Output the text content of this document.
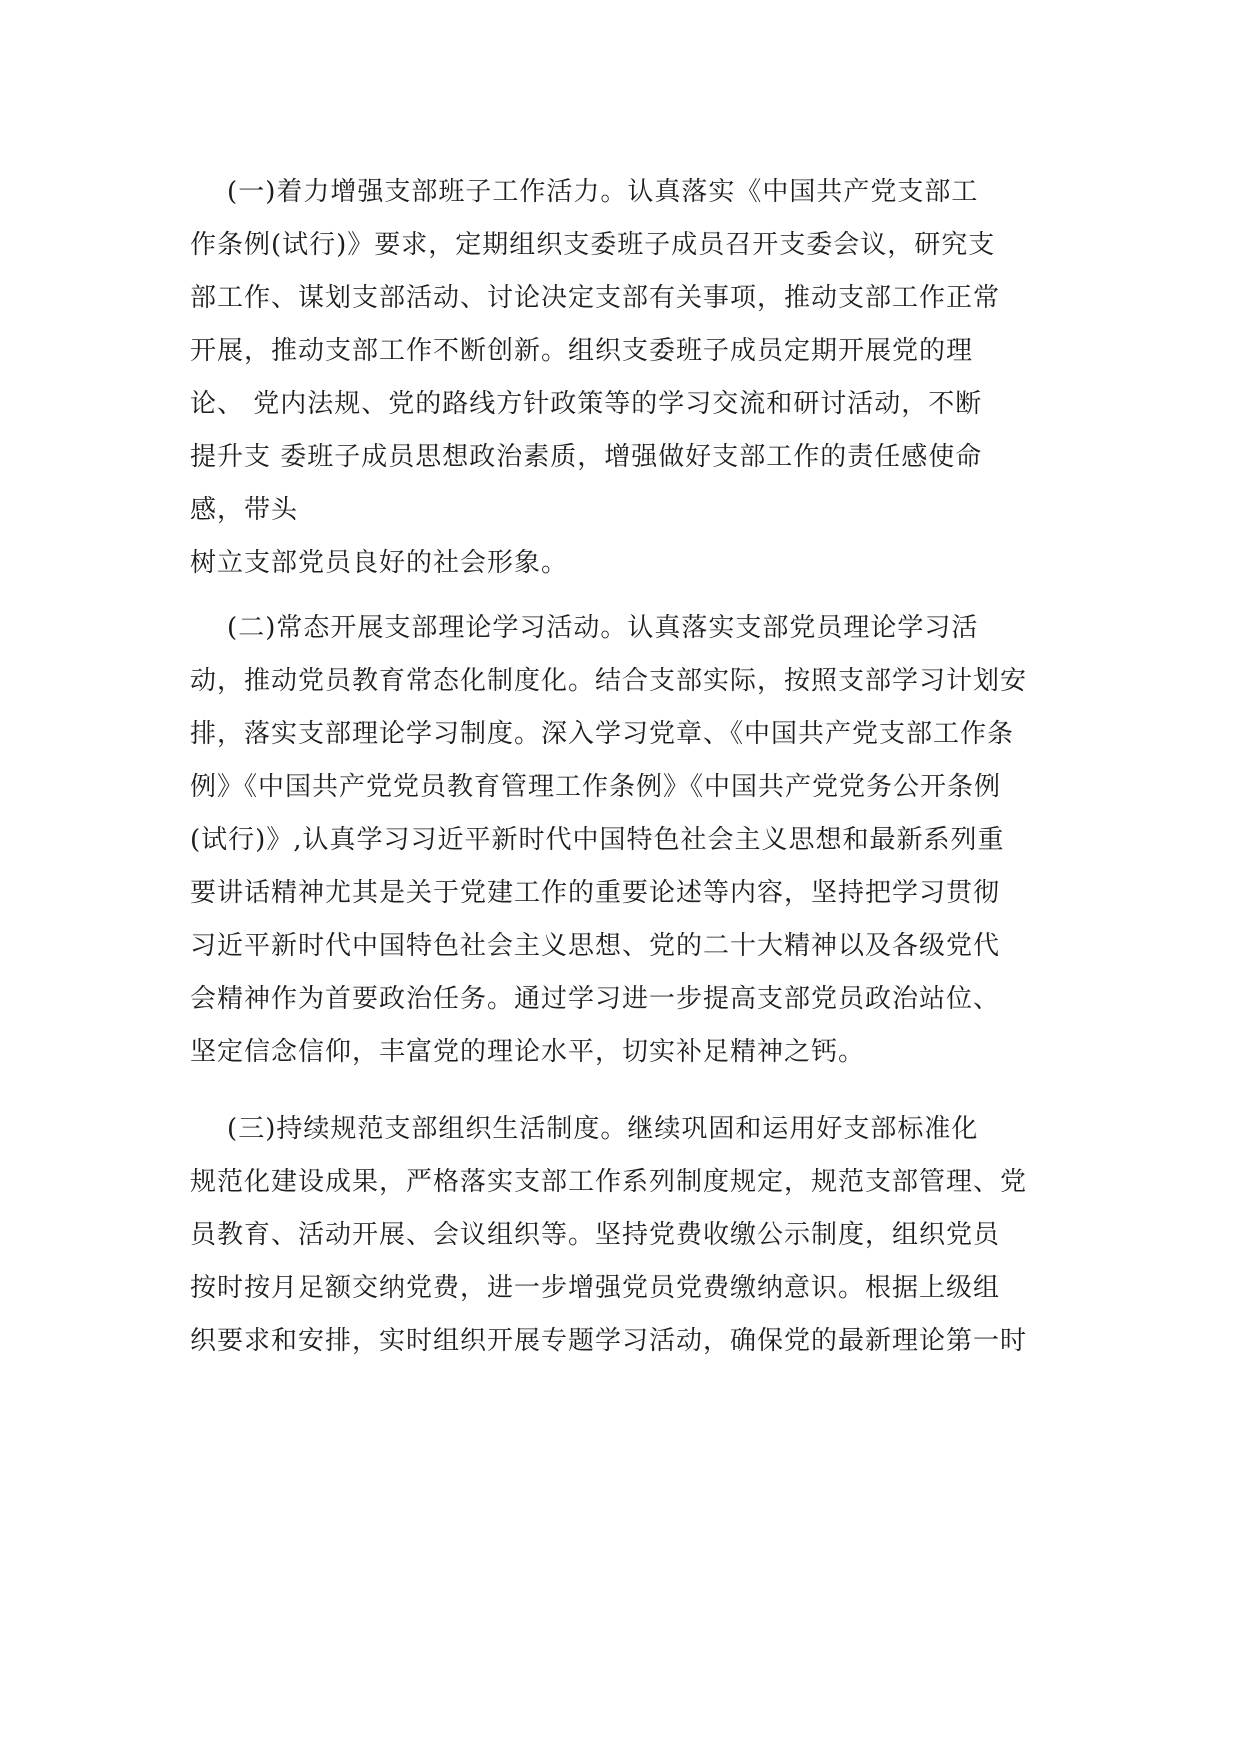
(一)着力增强支部班子工作活力。认真落实《中国共产党支部工
作条例(试行)》要求，定期组织支委班子成员召开支委会议，研究支
部工作、谋划支部活动、讨论决定支部有关事项，推动支部工作正常
开展，推动支部工作不断创新。组织支委班子成员定期开展党的理
论、 党内法规、党的路线方针政策等的学习交流和研讨活动，不断
提升支 委班子成员思想政治素质，增强做好支部工作的责任感使命
感，带头
树立支部党员良好的社会形象。
(二)常态开展支部理论学习活动。认真落实支部党员理论学习活
动，推动党员教育常态化制度化。结合支部实际，按照支部学习计划安
排，落实支部理论学习制度。深入学习党章、《中国共产党支部工作条
例》《中国共产党党员教育管理工作条例》《中国共产党党务公开条例
(试行)》,认真学习习近平新时代中国特色社会主义思想和最新系列重
要讲话精神尤其是关于党建工作的重要论述等内容，坚持把学习贯彻
习近平新时代中国特色社会主义思想、党的二十大精神以及各级党代
会精神作为首要政治任务。通过学习进一步提高支部党员政治站位、
坚定信念信仰，丰富党的理论水平，切实补足精神之钙。
(三)持续规范支部组织生活制度。继续巩固和运用好支部标准化
规范化建设成果，严格落实支部工作系列制度规定，规范支部管理、党
员教育、活动开展、会议组织等。坚持党费收缴公示制度，组织党员
按时按月足额交纳党费，进一步增强党员党费缴纳意识。根据上级组
织要求和安排，实时组织开展专题学习活动，确保党的最新理论第一时
